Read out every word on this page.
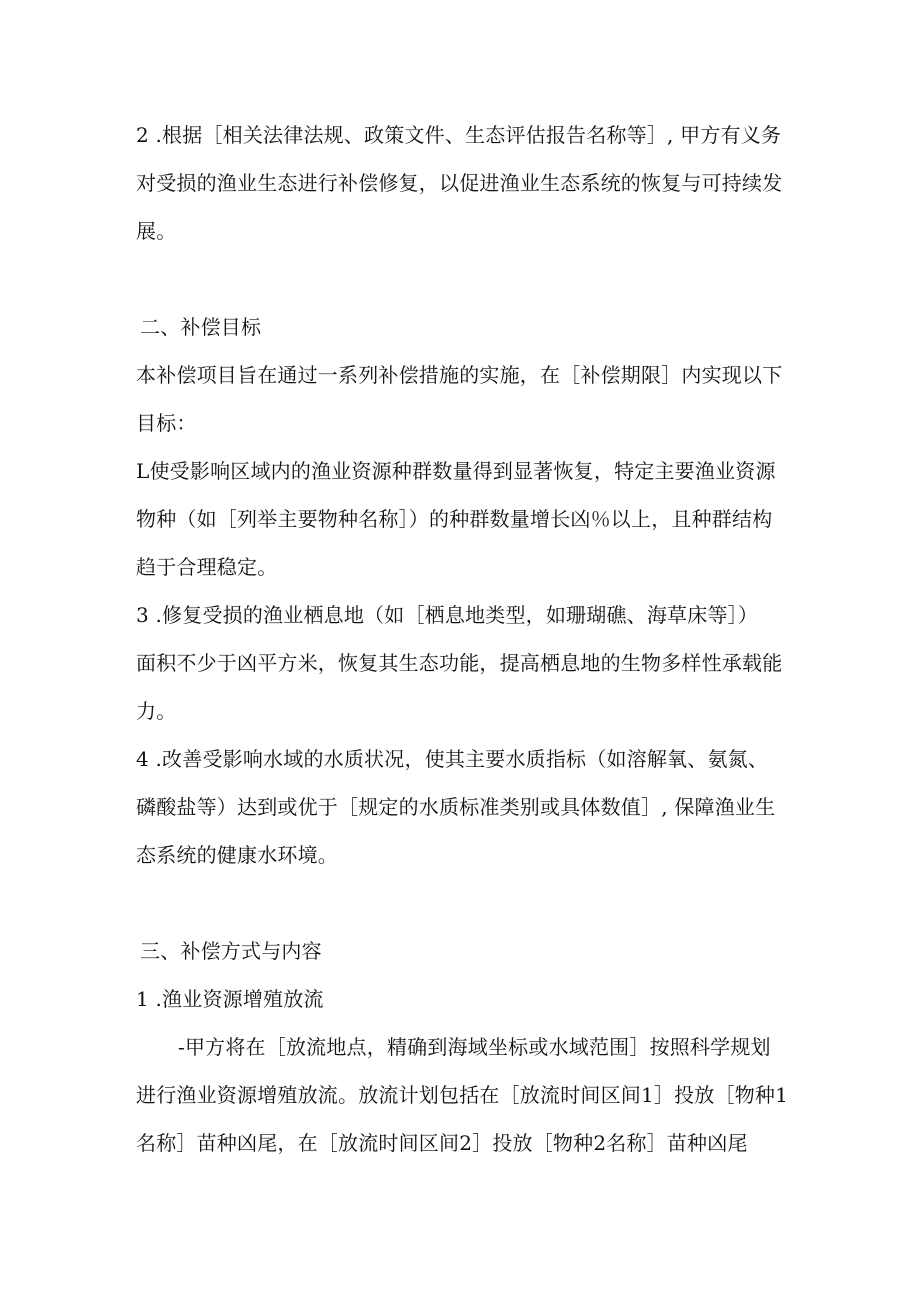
2 .根据［相关法律法规、政策文件、生态评估报告名称等］, 甲方有义务
对受损的渔业生态进行补偿修复，以促进渔业生态系统的恢复与可持续发
展。
二、补偿目标
本补偿项目旨在通过一系列补偿措施的实施，在［补偿期限］内实现以下
目标：
L使受影响区域内的渔业资源种群数量得到显著恢复，特定主要渔业资源
物种（如［列举主要物种名称］）的种群数量增长凶％以上，且种群结构
趋于合理稳定。
3 .修复受损的渔业栖息地（如［栖息地类型，如珊瑚礁、海草床等］）
面积不少于凶平方米，恢复其生态功能，提高栖息地的生物多样性承载能
力。
4 .改善受影响水域的水质状况，使其主要水质指标（如溶解氧、氨氮、
磷酸盐等）达到或优于［规定的水质标准类别或具体数值］, 保障渔业生
态系统的健康水环境。
三、补偿方式与内容
1 .渔业资源增殖放流
-甲方将在［放流地点，精确到海域坐标或水域范围］按照科学规划
进行渔业资源增殖放流。放流计划包括在［放流时间区间1］投放［物种1
名称］苗种凶尾，在［放流时间区间2］投放［物种2名称］苗种凶尾
